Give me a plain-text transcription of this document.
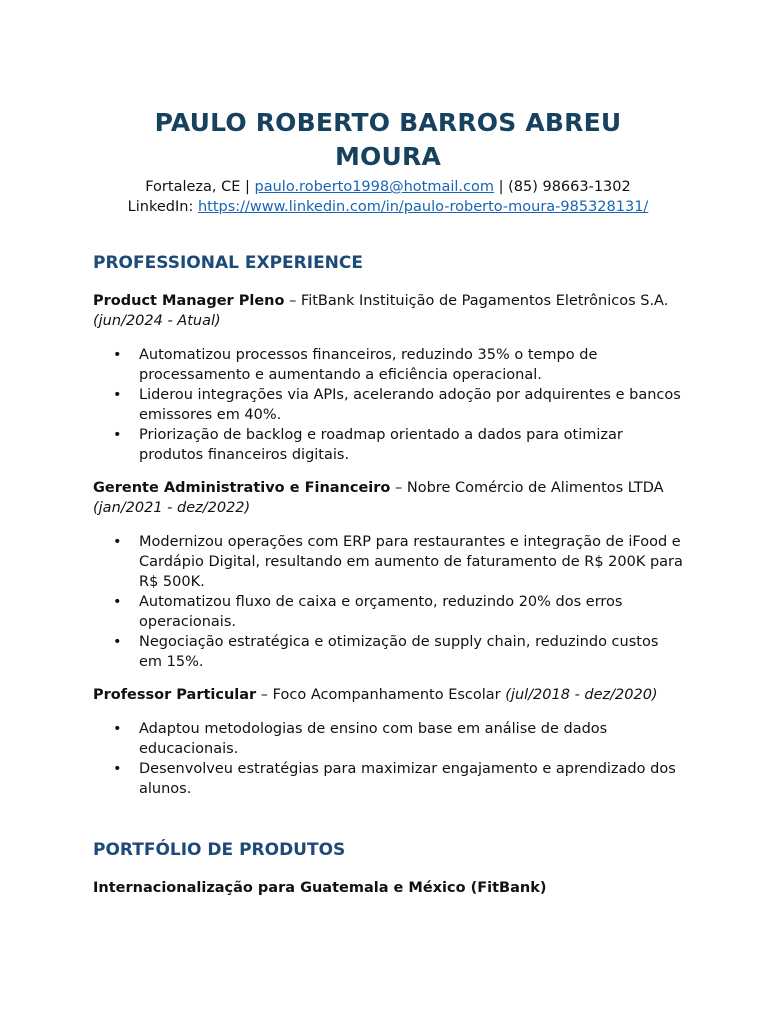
PAULO ROBERTO BARROS ABREU
MOURA
Fortaleza, CE | paulo.roberto1998@hotmail.com | (85) 98663-1302
LinkedIn: https://www.linkedin.com/in/paulo-roberto-moura-985328131/
PROFESSIONAL EXPERIENCE

Product Manager Pleno – FitBank Instituição de Pagamentos Eletrônicos S.A. (jun/2024 - Atual)

• Automatizou processos financeiros, reduzindo 35% o tempo de processamento e aumentando a eficiência operacional.
• Liderou integrações via APIs, acelerando adoção por adquirentes e bancos emissores em 40%.
• Priorização de backlog e roadmap orientado a dados para otimizar produtos financeiros digitais.

Gerente Administrativo e Financeiro – Nobre Comércio de Alimentos LTDA (jan/2021 - dez/2022)

• Modernizou operações com ERP para restaurantes e integração de iFood e Cardápio Digital, resultando em aumento de faturamento de R$ 200K para R$ 500K.
• Automatizou fluxo de caixa e orçamento, reduzindo 20% dos erros operacionais.
• Negociação estratégica e otimização de supply chain, reduzindo custos em 15%.

Professor Particular – Foco Acompanhamento Escolar (jul/2018 - dez/2020)

• Adaptou metodologias de ensino com base em análise de dados educacionais.
• Desenvolveu estratégias para maximizar engajamento e aprendizado dos alunos.
PORTFÓLIO DE PRODUTOS

Internacionalização para Guatemala e México (FitBank)
